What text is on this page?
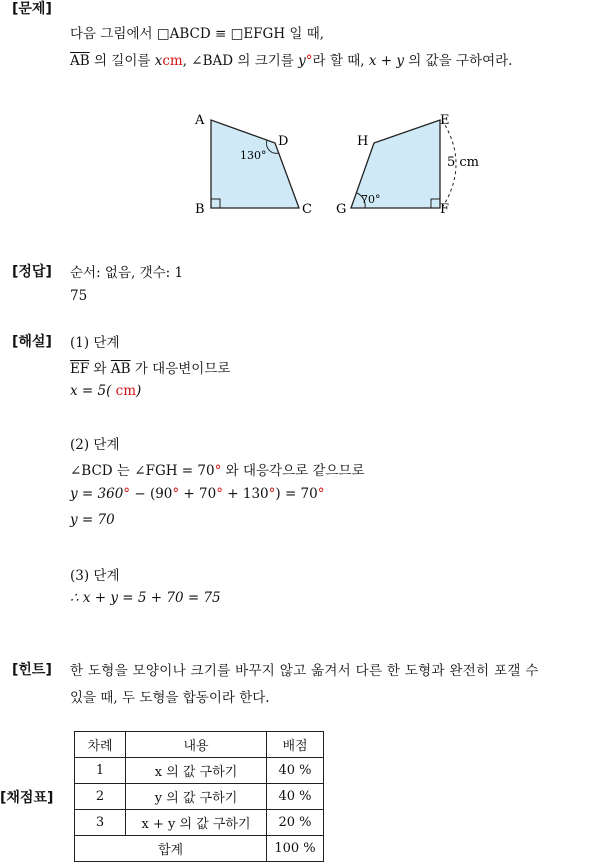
[문제]
다음 그림에서 □ABCD ≡ □EFGH 일 때,
$\overline{AB}$ 의 길이를 xcm, ∠BAD 의 크기를 y°라 할 때, x + y 의 값을 구하여라.
A
B	C
D
130°
E
F
G
H
70°
5 cm
[정답] 순서: 없음, 갯수: 1
75
[해설] (1) 단계
$\overline{EF}$ 와 $\overline{AB}$ 가 대응변이므로
x = 5( cm)
(2) 단계
∠BCD 는 ∠FGH = 70° 와 대응각으로 같으므로
y = 360° − (90° + 70° + 130°) = 70°
y = 70
(3) 단계
∴ x + y = 5 + 70 = 75
[힌트] 한 도형을 모양이나 크기를 바꾸지 않고 옮겨서 다른 한 도형과 완전히 포갤 수
있을 때, 두 도형을 합동이라 한다.
[채점표]
차례	내용	배점
1	x 의 값 구하기	40 %
2	y 의 값 구하기	40 %
3	x + y 의 값 구하기	20 %
합계		100 %
